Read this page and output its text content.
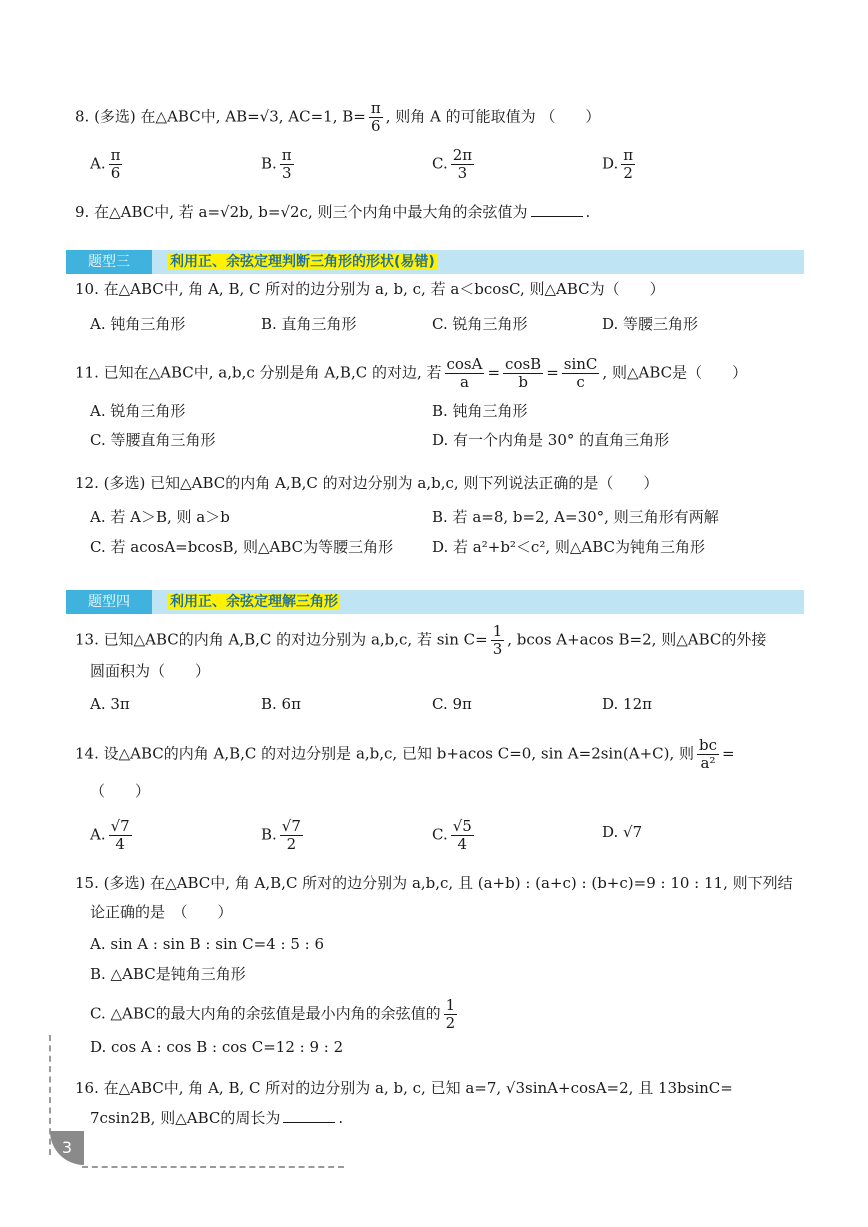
8. (多选) 在△ABC中, AB=√3, AC=1, $B= \frac{\pi}{6}$ , 则角 A 的可能取值为 （　　）
A. $\frac{\pi}{6}$	B. $\frac{\pi}{3}$	C. $\frac{2\pi}{3}$	D. $\frac{\pi}{2}$
9. 在△ABC中, 若 a=√2b, b=√2c, 则三个内角中最大角的余弦值为	.
题型三	利用正、余弦定理判断三角形的形状(易错)
10. 在△ABC中, 角 A, B, C 所对的边分别为 a, b, c, 若 a＜bcosC, 则△ABC为（　　）
A. 钝角三角形	B. 直角三角形	C. 锐角三角形	D. 等腰三角形
11. 已知在△ABC中, a,b,c 分别是角 A,B,C 的对边, 若 $\frac{\cos A}{a} = \frac{\cos B}{b} = \frac{\sin C}{c}$ , 则△ABC是（　　）
A. 锐角三角形	B. 钝角三角形
C. 等腰直角三角形	D. 有一个内角是 30° 的直角三角形
12. (多选) 已知△ABC的内角 A,B,C 的对边分别为 a,b,c, 则下列说法正确的是（　　）
A. 若 A＞B, 则 a＞b	B. 若 a=8, b=2, A=30°, 则三角形有两解
C. 若 acosA=bcosB, 则△ABC为等腰三角形	D. 若 a²+b²＜c², 则△ABC为钝角三角形
题型四	利用正、余弦定理解三角形
13. 已知△ABC的内角 A,B,C 的对边分别为 a,b,c, 若 $\sin C= \frac{1}{3}$ , bcos A+acos B=2, 则△ABC的外接
圆面积为（　　）
A. 3π	B. 6π	C. 9π	D. 12π
14. 设△ABC的内角 A,B,C 的对边分别是 a,b,c, 已知 b+acos C=0, sin A=2sin(A+C), 则 $\frac{bc}{\text{a²}}$ =
（　　）
A. $\frac{√7}{4}$	B. $\frac{√7}{2}$	C. $\frac{√5}{4}$	D. √7
15. (多选) 在△ABC中, 角 A,B,C 所对的边分别为 a,b,c, 且 (a+b) : (a+c) : (b+c)=9 : 10 : 11, 则下列结
论正确的是　（　　）
A. sin A : sin B : sin C=4 : 5 : 6
B. △ABC是钝角三角形
C. △ABC的最大内角的余弦值是最小内角的余弦值的 $\frac{1}{2}$
D. cos A : cos B : cos C=12 : 9 : 2
16. 在△ABC中, 角 A, B, C 所对的边分别为 a, b, c, 已知 a=7, √3sinA+cosA=2, 且 13bsinC=
7csin2B, 则△ABC的周长为	.
3
